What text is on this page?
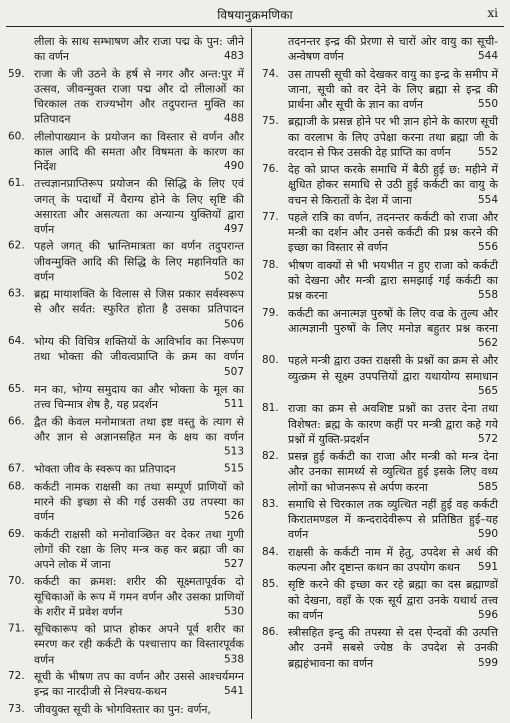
विषयानुक्रमणिका	xi
लीला के साथ सम्भाषण और राजा पद्म के पुन: जीने का वर्णन	483
59. राजा के जी उठने के हर्ष से नगर और अन्त:पुर में उत्सव, जीवन्मुक्त राजा पद्म और दो लीलाओं का चिरकाल तक राज्यभोग और तदुपरान्त मुक्ति का प्रतिपादन	488
60. लीलोपाख्यान के प्रयोजन का विस्तार से वर्णन और काल आदि की समता और विषमता के कारण का निर्देश	490
61. तत्त्वज्ञानप्राप्तिरूप प्रयोजन की सिद्धि के लिए एवं जगत् के पदार्थों में वैराग्य होने के लिए सृष्टि की असारता और असत्यता का अन्यान्य युक्तियों द्वारा वर्णन	497
62. पहले जगत् की भ्रान्तिमात्रता का वर्णन तदुपरान्त जीवन्मुक्ति आदि की सिद्धि के लिए महानियति का वर्णन	502
63. ब्रह्म मायाशक्ति के विलास से जिस प्रकार सर्वस्वरूप से और सर्वत: स्फुरित होता है उसका प्रतिपादन
506
64. भोग्य की विचित्र शक्तियों के आविर्भाव का निरूपण तथा भोक्ता की जीवत्वप्राप्ति के क्रम का वर्णन
507
65. मन का, भोग्य समुदाय का और भोक्ता के मूल का तत्त्व चिन्मात्र शेष है, यह प्रदर्शन	511
66. द्वैत की केवल मनोमात्रता तथा इष्ट वस्तु के त्याग से और ज्ञान से अज्ञानसहित मन के क्षय का वर्णन
513
67. भोक्ता जीव के स्वरूप का प्रतिपादन	515
68. कर्कटी नामक राक्षसी का तथा सम्पूर्ण प्राणियों को मारने की इच्छा से की गई उसकी उग्र तपस्या का वर्णन	526
69. कर्कटी राक्षसी को मनोवाञ्छित वर देकर तथा गुणी लोगों की रक्षा के लिए मन्त्र कह कर ब्रह्मा जी का अपने लोक में जाना	527
70. कर्कटी का क्रमश: शरीर की सूक्ष्मतापूर्वक दो सूचिकाओं के रूप में गमन वर्णन और उसका प्राणियों के शरीर में प्रवेश वर्णन	530
71. सूचिकारूप को प्राप्त होकर अपने पूर्व शरीर का स्मरण कर रही कर्कटी के पश्चात्ताप का विस्तारपूर्वक वर्णन	538
72. सूची के भीषण तप का वर्णन और उससे आश्चर्यमग्न इन्द्र का नारदीजी से निश्चय-कथन	541
73. जीवयुक्त सूची के भोगविस्तार का पुन: वर्णन,
तदनन्तर इन्द्र की प्रेरणा से चारों ओर वायु का सूची-अन्वेषण वर्णन	544
74. उस तापसी सूची को देखकर वायु का इन्द्र के समीप में जाना, सूची को वर देने के लिए ब्रह्मा से इन्द्र की प्रार्थना और सूची के ज्ञान का वर्णन	550
75. ब्रह्माजी के प्रसन्न होने पर भी ज्ञान होने के कारण सूची का वरलाभ के लिए उपेक्षा करना तथा ब्रह्मा जी के वरदान से फिर उसकी देह प्राप्ति का वर्णन	552
76. देह को प्राप्त करके समाधि में बैठी हुई छ: महीने में क्षुधित होकर समाधि से उठी हुई कर्कटी का वायु के वचन से किरातों के देश में जाना	554
77. पहले रात्रि का वर्णन, तदनन्तर कर्कटी को राजा और मन्त्री का दर्शन और उनसे कर्कटी की प्रश्न करने की इच्छा का विस्तार से वर्णन	556
78. भीषण वाक्यों से भी भयभीत न हुए राजा को कर्कटी को देखना और मन्त्री द्वारा समझाई गई कर्कटी का प्रश्न करना	558
79. कर्कटी का अनात्मज्ञ पुरुषों के लिए वज्र के तुल्य और आत्मज्ञानी पुरुषों के लिए मनोज्ञ बहुतर प्रश्न करना
562
80. पहले मन्त्री द्वारा उक्त राक्षसी के प्रश्नों का क्रम से और व्युत्क्रम से सूक्ष्म उपपत्तियों द्वारा यथायोग्य समाधान
565
81. राजा का क्रम से अवशिष्ट प्रश्नों का उत्तर देना तथा विशेषत: ब्रह्म के कारण कहीं पर मन्त्री द्वारा कहे गये प्रश्नों में युक्ति-प्रदर्शन	572
82. प्रसन्न हुई कर्कटी का राजा और मन्त्री को मन्त्र देना और उनका सामर्थ्य से व्युत्थित हुई इसके लिए वध्य लोगों का भोजनरूप से अर्पण करना	585
83. समाधि से चिरकाल तक व्युत्थित नहीं हुई वह कर्कटी किरातमण्डल में कन्दरादेवीरूप से प्रतिष्ठित हुई–यह वर्णन	590
84. राक्षसी के कर्कटी नाम में हेतु, उपदेश से अर्थ की कल्पना और दृष्टान्त कथन का उपयोग कथन	591
85. सृष्टि करने की इच्छा कर रहे ब्रह्मा का दस ब्रह्माण्डों को देखना, वहाँ के एक सूर्य द्वारा उनके यथार्थ तत्त्व का वर्णन	596
86. स्त्रीसहित इन्दु की तपस्या से दस ऐन्दवों की उत्पत्ति और उनमें सबसे ज्येष्ठ के उपदेश से उनकी ब्रह्महंभावना का वर्णन	599
